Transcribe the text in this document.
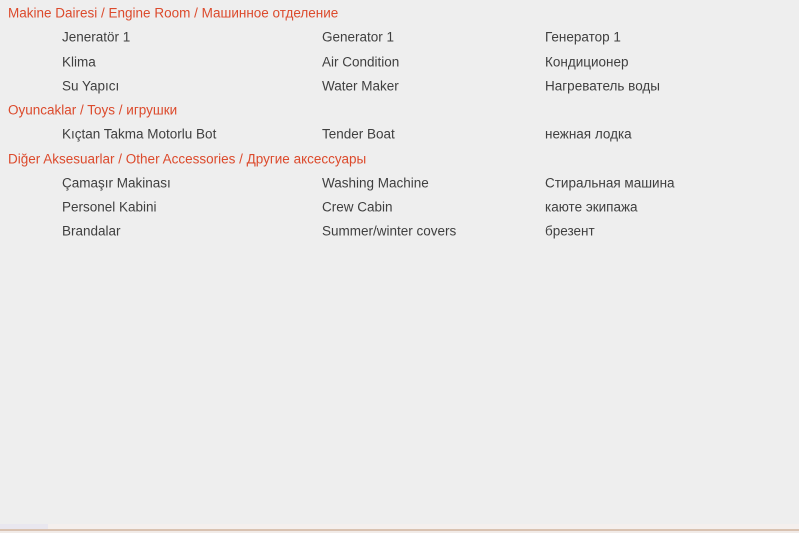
Makine Dairesi / Engine Room / Машинное отделение
Jeneratör 1	Generator 1	Генератор 1
Klima	Air Condition	Кондиционер
Su Yapıcı	Water Maker	Нагреватель воды
Oyuncaklar / Toys / игрушки
Kıçtan Takma Motorlu Bot	Tender Boat	нежная лодка
Diğer Aksesuarlar / Other Accessories / Другие аксессуары
Çamaşır Makinası	Washing Machine	Стиральная машина
Personel Kabini	Crew Cabin	каюте экипажа
Brandalar	Summer/winter covers	брезент
